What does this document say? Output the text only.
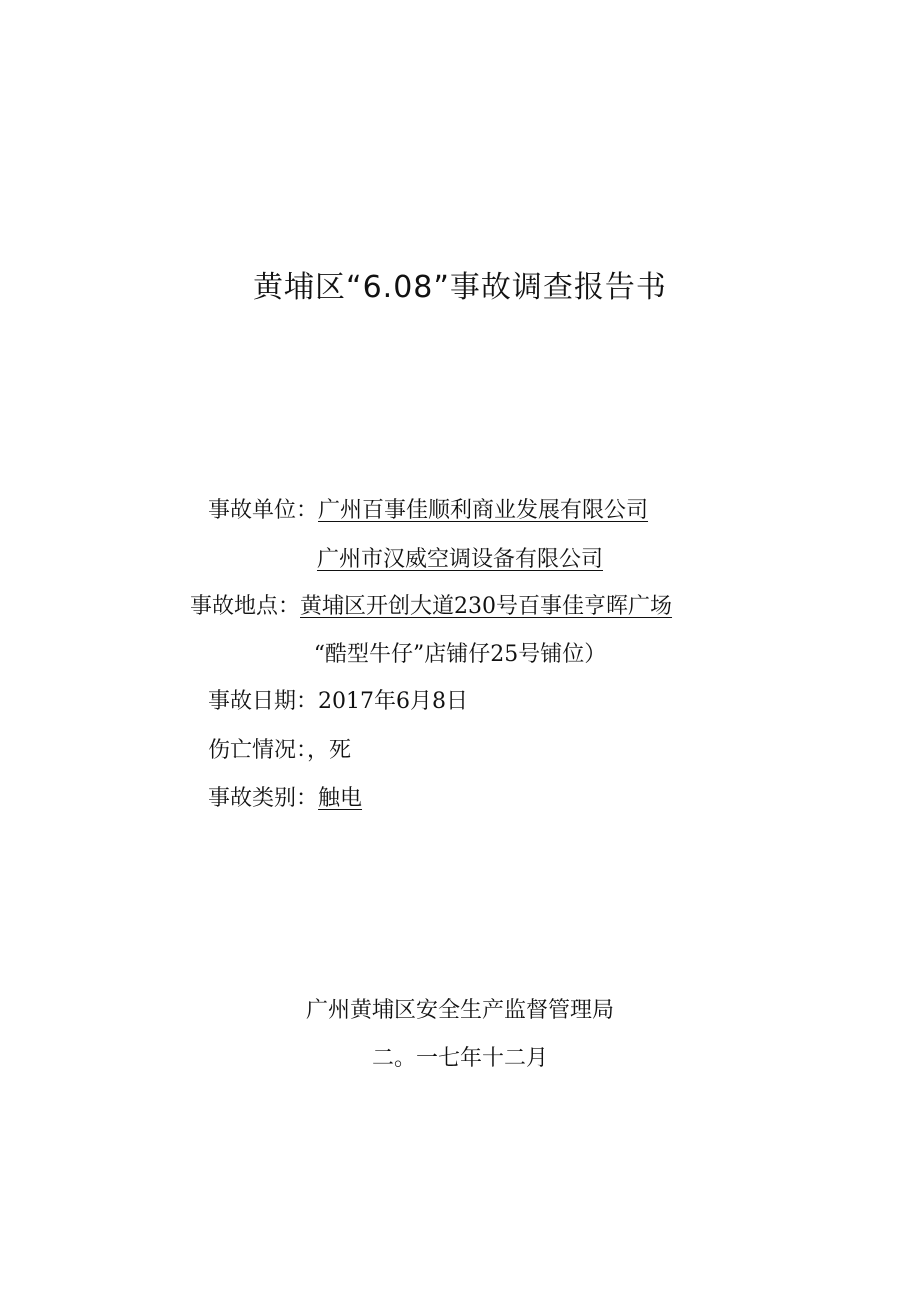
黄埔区“6.08”事故调查报告书
事故单位：广州百事佳顺利商业发展有限公司
广州市汉威空调设备有限公司
事故地点：黄埔区开创大道230号百事佳亨晖广场
“酷型牛仔”店铺仔25号铺位）
事故日期：2017年6月8日
伤亡情况：，死
事故类别：触电
广州黄埔区安全生产监督管理局
二。一七年十二月
